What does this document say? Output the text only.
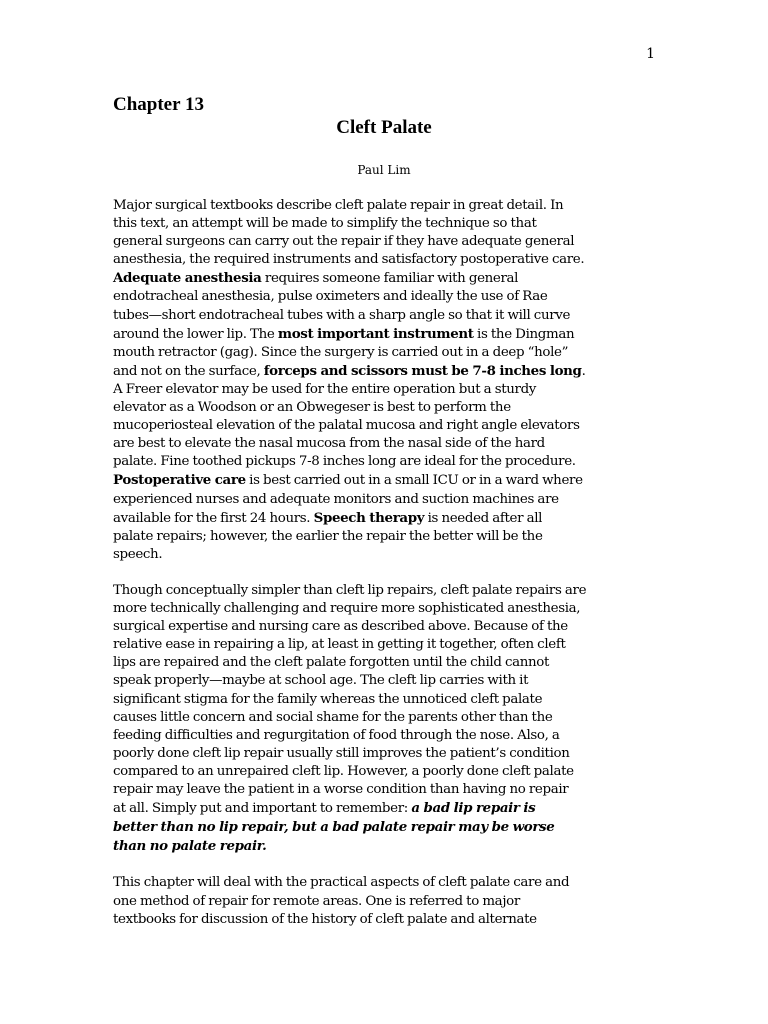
1
Chapter 13
Cleft Palate
Paul Lim

Major surgical textbooks describe cleft palate repair in great detail. In
this text, an attempt will be made to simplify the technique so that
general surgeons can carry out the repair if they have adequate general
anesthesia, the required instruments and satisfactory postoperative care.
Adequate anesthesia requires someone familiar with general
endotracheal anesthesia, pulse oximeters and ideally the use of Rae
tubes—short endotracheal tubes with a sharp angle so that it will curve
around the lower lip. The most important instrument is the Dingman
mouth retractor (gag). Since the surgery is carried out in a deep “hole”
and not on the surface, forceps and scissors must be 7-8 inches long.
A Freer elevator may be used for the entire operation but a sturdy
elevator as a Woodson or an Obwegeser is best to perform the
mucoperiosteal elevation of the palatal mucosa and right angle elevators
are best to elevate the nasal mucosa from the nasal side of the hard
palate. Fine toothed pickups 7-8 inches long are ideal for the procedure.
Postoperative care is best carried out in a small ICU or in a ward where
experienced nurses and adequate monitors and suction machines are
available for the first 24 hours. Speech therapy is needed after all
palate repairs; however, the earlier the repair the better will be the
speech.

Though conceptually simpler than cleft lip repairs, cleft palate repairs are
more technically challenging and require more sophisticated anesthesia,
surgical expertise and nursing care as described above. Because of the
relative ease in repairing a lip, at least in getting it together, often cleft
lips are repaired and the cleft palate forgotten until the child cannot
speak properly—maybe at school age. The cleft lip carries with it
significant stigma for the family whereas the unnoticed cleft palate
causes little concern and social shame for the parents other than the
feeding difficulties and regurgitation of food through the nose. Also, a
poorly done cleft lip repair usually still improves the patient’s condition
compared to an unrepaired cleft lip. However, a poorly done cleft palate
repair may leave the patient in a worse condition than having no repair
at all. Simply put and important to remember: a bad lip repair is
better than no lip repair, but a bad palate repair may be worse
than no palate repair.

This chapter will deal with the practical aspects of cleft palate care and
one method of repair for remote areas. One is referred to major
textbooks for discussion of the history of cleft palate and alternate
